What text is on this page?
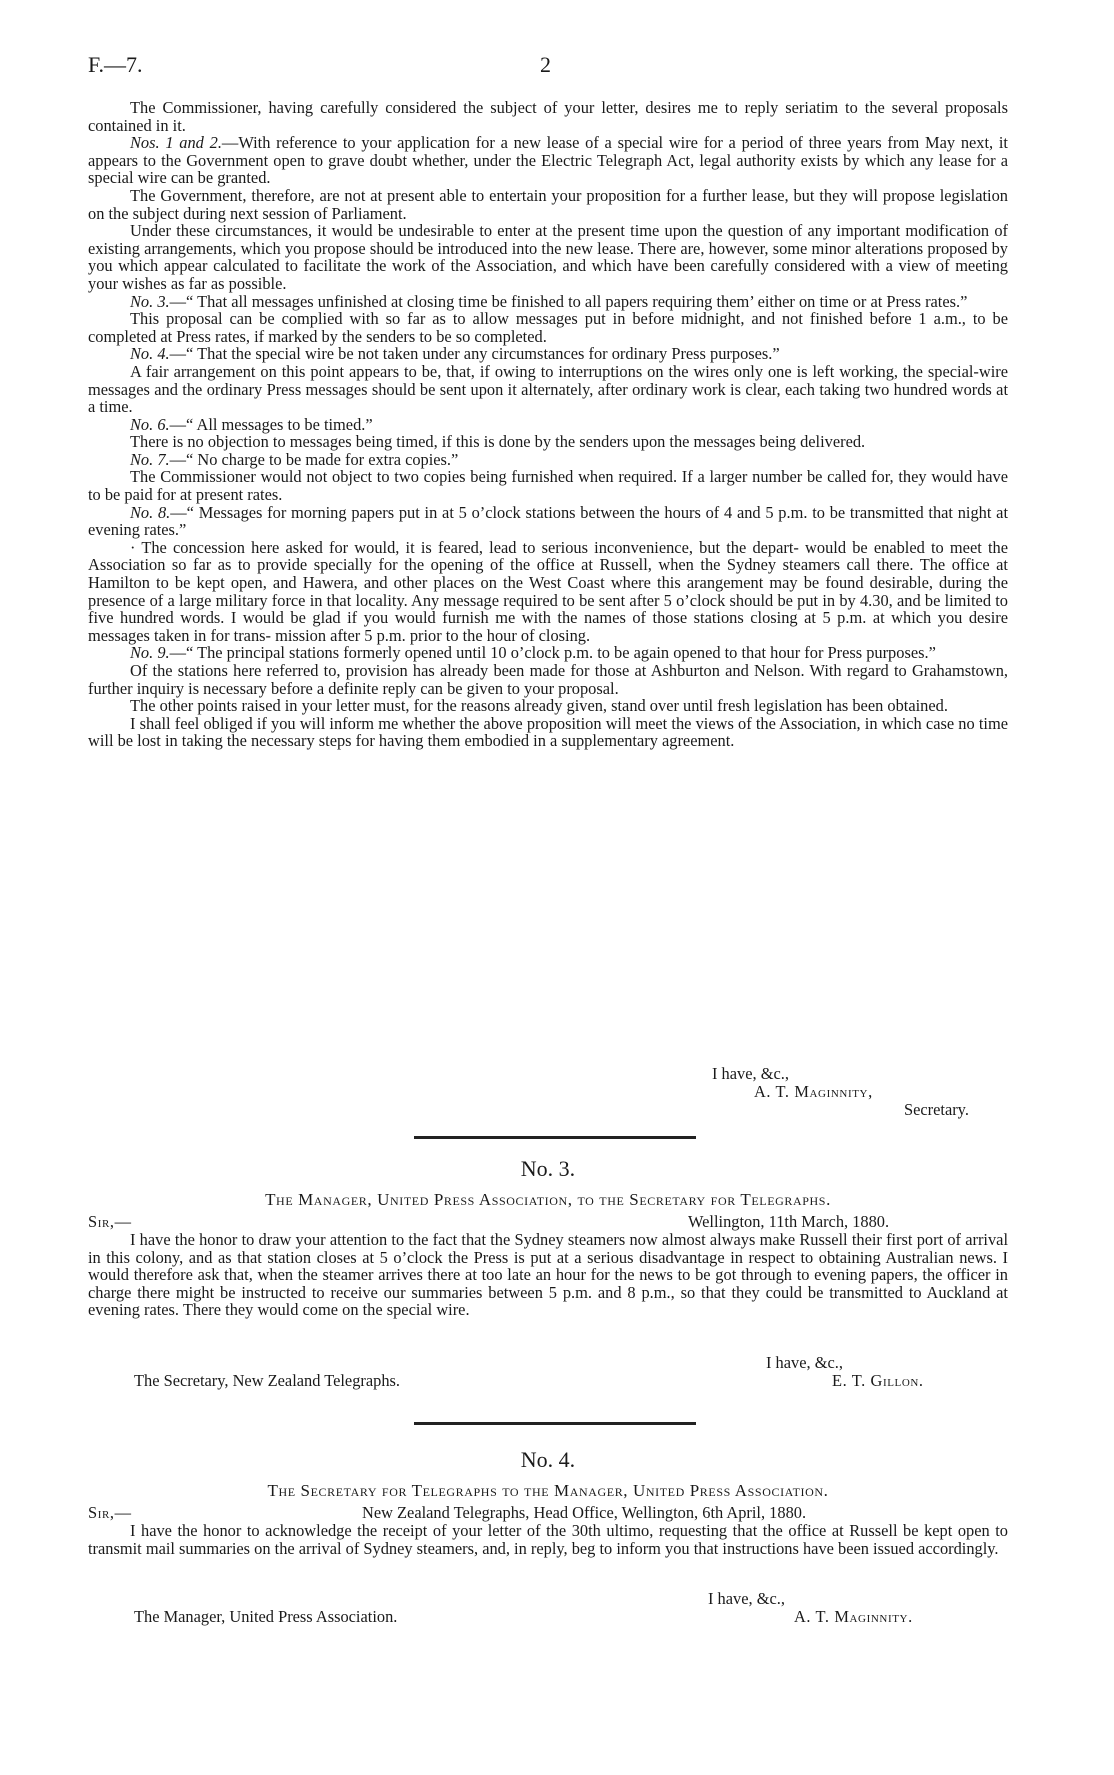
F.—7.	2

The Commissioner, having carefully considered the subject of your letter, desires me to reply seriatim to the several proposals contained in it.

Nos. 1 and 2.—With reference to your application for a new lease of a special wire for a period of three years from May next, it appears to the Government open to grave doubt whether, under the Electric Telegraph Act, legal authority exists by which any lease for a special wire can be granted.

The Government, therefore, are not at present able to entertain your proposition for a further lease, but they will propose legislation on the subject during next session of Parliament.

Under these circumstances, it would be undesirable to enter at the present time upon the question of any important modification of existing arrangements, which you propose should be introduced into the new lease. There are, however, some minor alterations proposed by you which appear calculated to facilitate the work of the Association, and which have been carefully considered with a view of meeting your wishes as far as possible.

No. 3.—“ That all messages unfinished at closing time be finished to all papers requiring them’ either on time or at Press rates.”

This proposal can be complied with so far as to allow messages put in before midnight, and not finished before 1 a.m., to be completed at Press rates, if marked by the senders to be so completed.

No. 4.—“ That the special wire be not taken under any circumstances for ordinary Press purposes.”

A fair arrangement on this point appears to be, that, if owing to interruptions on the wires only one is left working, the special-wire messages and the ordinary Press messages should be sent upon it alternately, after ordinary work is clear, each taking two hundred words at a time.

No. 6.—“ All messages to be timed.”

There is no objection to messages being timed, if this is done by the senders upon the messages being delivered.

No. 7.—“ No charge to be made for extra copies.”

The Commissioner would not object to two copies being furnished when required. If a larger number be called for, they would have to be paid for at present rates.

No. 8.—“ Messages for morning papers put in at 5 o’clock stations between the hours of 4 and 5 p.m. to be transmitted that night at evening rates.”

· The concession here asked for would, it is feared, lead to serious inconvenience, but the depart- would be enabled to meet the Association so far as to provide specially for the opening of the office at Russell, when the Sydney steamers call there. The office at Hamilton to be kept open, and Hawera, and other places on the West Coast where this arangement may be found desirable, during the presence of a large military force in that locality. Any message required to be sent after 5 o’clock should be put in by 4.30, and be limited to five hundred words. I would be glad if you would furnish me with the names of those stations closing at 5 p.m. at which you desire messages taken in for trans- mission after 5 p.m. prior to the hour of closing.

No. 9.—“ The principal stations formerly opened until 10 o’clock p.m. to be again opened to that hour for Press purposes.”

Of the stations here referred to, provision has already been made for those at Ashburton and Nelson. With regard to Grahamstown, further inquiry is necessary before a definite reply can be given to your proposal.

The other points raised in your letter must, for the reasons already given, stand over until fresh legislation has been obtained.

I shall feel obliged if you will inform me whether the above proposition will meet the views of the Association, in which case no time will be lost in taking the necessary steps for having them embodied in a supplementary agreement.

I have, &c.,
A. T. Maginnity,
Secretary.
No. 3.
The Manager, United Press Association, to the Secretary for Telegraphs.
Sir,—	Wellington, 11th March, 1880.

I have the honor to draw your attention to the fact that the Sydney steamers now almost always make Russell their first port of arrival in this colony, and as that station closes at 5 o’clock the Press is put at a serious disadvantage in respect to obtaining Australian news. I would therefore ask that, when the steamer arrives there at too late an hour for the news to be got through to evening papers, the officer in charge there might be instructed to receive our summaries between 5 p.m. and 8 p.m., so that they could be transmitted to Auckland at evening rates. There they would come on the special wire.

I have, &c.,
The Secretary, New Zealand Telegraphs.	E. T. Gillon.
No. 4.
The Secretary for Telegraphs to the Manager, United Press Association.
Sir,—	New Zealand Telegraphs, Head Office, Wellington, 6th April, 1880.

I have the honor to acknowledge the receipt of your letter of the 30th ultimo, requesting that the office at Russell be kept open to transmit mail summaries on the arrival of Sydney steamers, and, in reply, beg to inform you that instructions have been issued accordingly.

I have, &c.,
The Manager, United Press Association.	A. T. Maginnity.
